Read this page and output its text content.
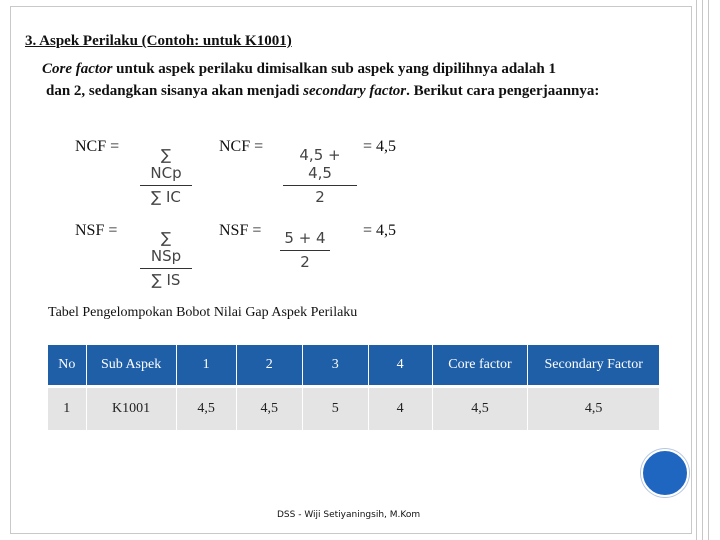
3. Aspek Perilaku (Contoh: untuk K1001)
Core factor untuk aspek perilaku dimisalkan sub aspek yang dipilihnya adalah 1
dan 2, sedangkan sisanya akan menjadi secondary factor. Berikut cara pengerjaannya:
NCF =	∑ NCp
∑ IC
NCF =	4,5 + 4,5
2
= 4,5
NSF =	∑ NSp
∑ IS
NSF = 5 + 4
2
= 4,5
Tabel Pengelompokan Bobot Nilai Gap Aspek Perilaku
No	Sub Aspek	1	2	3	4	Core factor	Secondary Factor
1	K1001	4,5	4,5	5	4	4,5	4,5
DSS - Wiji Setiyaningsih, M.Kom
